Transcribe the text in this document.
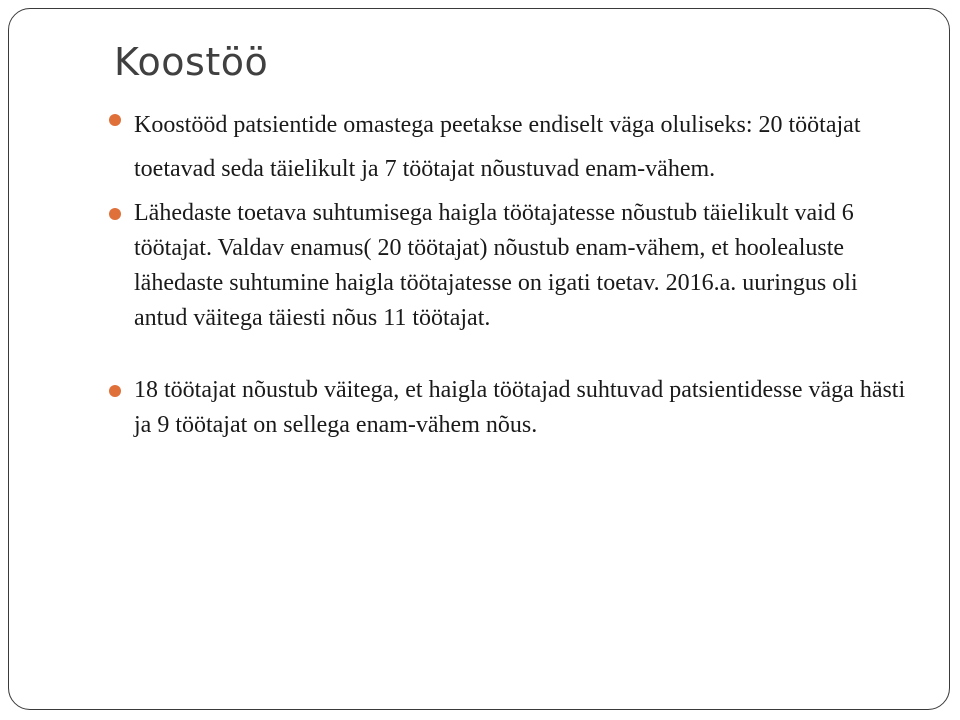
Koostöö
Koostööd patsientide omastega peetakse endiselt väga oluliseks: 20 töötajat toetavad seda täielikult ja 7 töötajat nõustuvad enam-vähem.
Lähedaste toetava suhtumisega haigla töötajatesse nõustub täielikult vaid 6 töötajat. Valdav enamus( 20 töötajat) nõustub enam-vähem, et hoolealuste lähedaste suhtumine haigla töötajatesse on igati toetav. 2016.a. uuringus oli antud väitega täiesti nõus 11 töötajat.
18 töötajat nõustub väitega, et haigla töötajad suhtuvad patsientidesse väga hästi ja 9 töötajat on sellega enam-vähem nõus.
